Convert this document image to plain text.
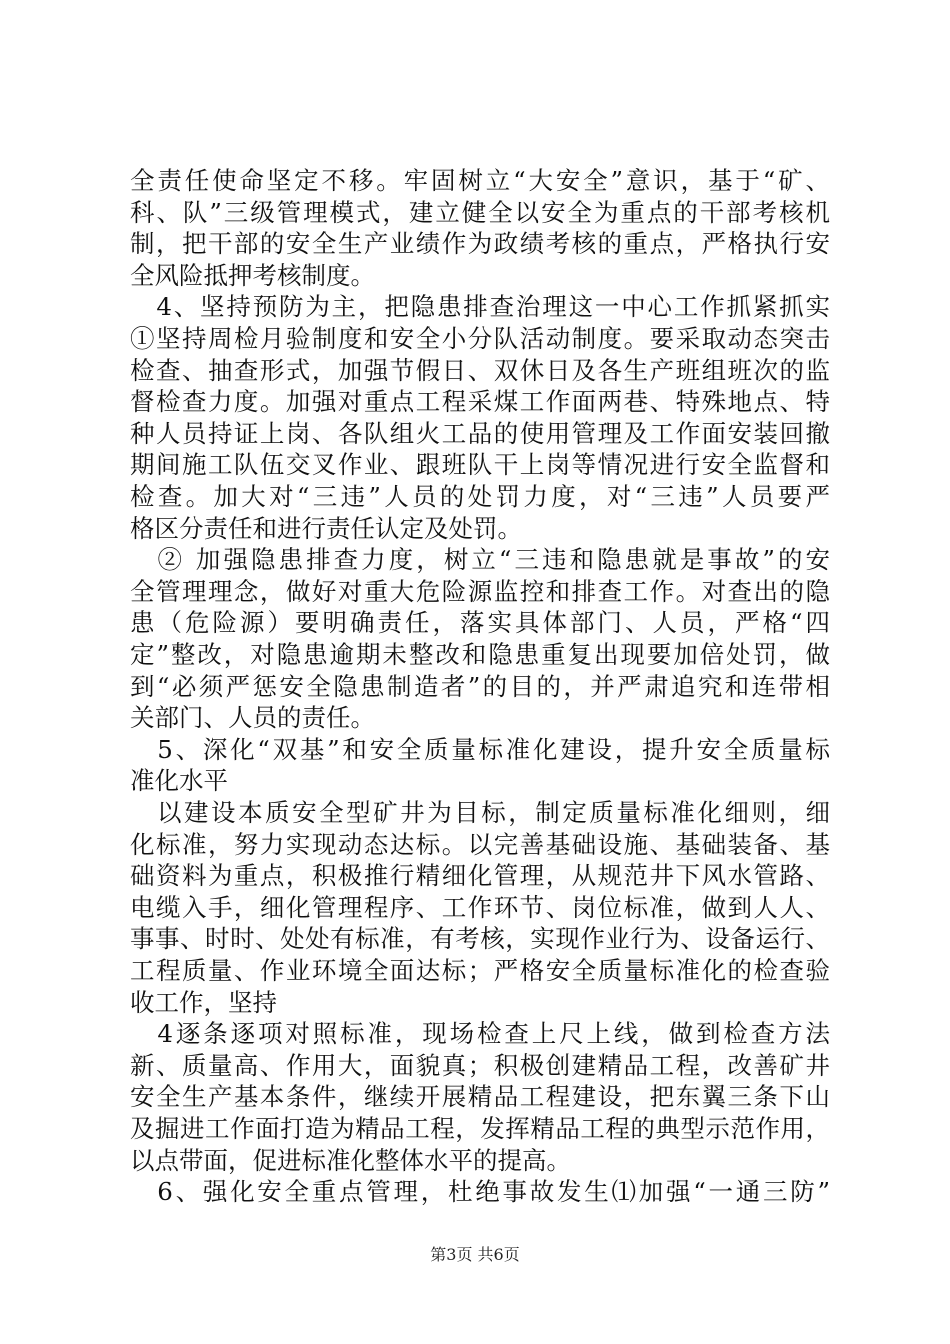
全责任使命坚定不移。牢固树立“大安全”意识，基于“矿、
科、队”三级管理模式，建立健全以安全为重点的干部考核机
制，把干部的安全生产业绩作为政绩考核的重点，严格执行安
全风险抵押考核制度。
　4、坚持预防为主，把隐患排查治理这一中心工作抓紧抓实
①坚持周检月验制度和安全小分队活动制度。要采取动态突击
检查、抽查形式，加强节假日、双休日及各生产班组班次的监
督检查力度。加强对重点工程采煤工作面两巷、特殊地点、特
种人员持证上岗、各队组火工品的使用管理及工作面安装回撤
期间施工队伍交叉作业、跟班队干上岗等情况进行安全监督和
检查。加大对“三违”人员的处罚力度，对“三违”人员要严
格区分责任和进行责任认定及处罚。
　② 加强隐患排查力度，树立“三违和隐患就是事故”的安
全管理理念，做好对重大危险源监控和排查工作。对查出的隐
患（危险源）要明确责任，落实具体部门、人员，严格“四
定”整改，对隐患逾期未整改和隐患重复出现要加倍处罚，做
到“必须严惩安全隐患制造者”的目的，并严肃追究和连带相
关部门、人员的责任。
　5、深化“双基”和安全质量标准化建设，提升安全质量标
准化水平
　以建设本质安全型矿井为目标，制定质量标准化细则，细
化标准，努力实现动态达标。以完善基础设施、基础装备、基
础资料为重点，积极推行精细化管理，从规范井下风水管路、
电缆入手，细化管理程序、工作环节、岗位标准，做到人人、
事事、时时、处处有标准，有考核，实现作业行为、设备运行、
工程质量、作业环境全面达标；严格安全质量标准化的检查验
收工作，坚持
　4逐条逐项对照标准，现场检查上尺上线，做到检查方法
新、质量高、作用大，面貌真；积极创建精品工程，改善矿井
安全生产基本条件，继续开展精品工程建设，把东翼三条下山
及掘进工作面打造为精品工程，发挥精品工程的典型示范作用，
以点带面，促进标准化整体水平的提高。
　6、强化安全重点管理，杜绝事故发生⑴加强“一通三防”
第3页 共6页
